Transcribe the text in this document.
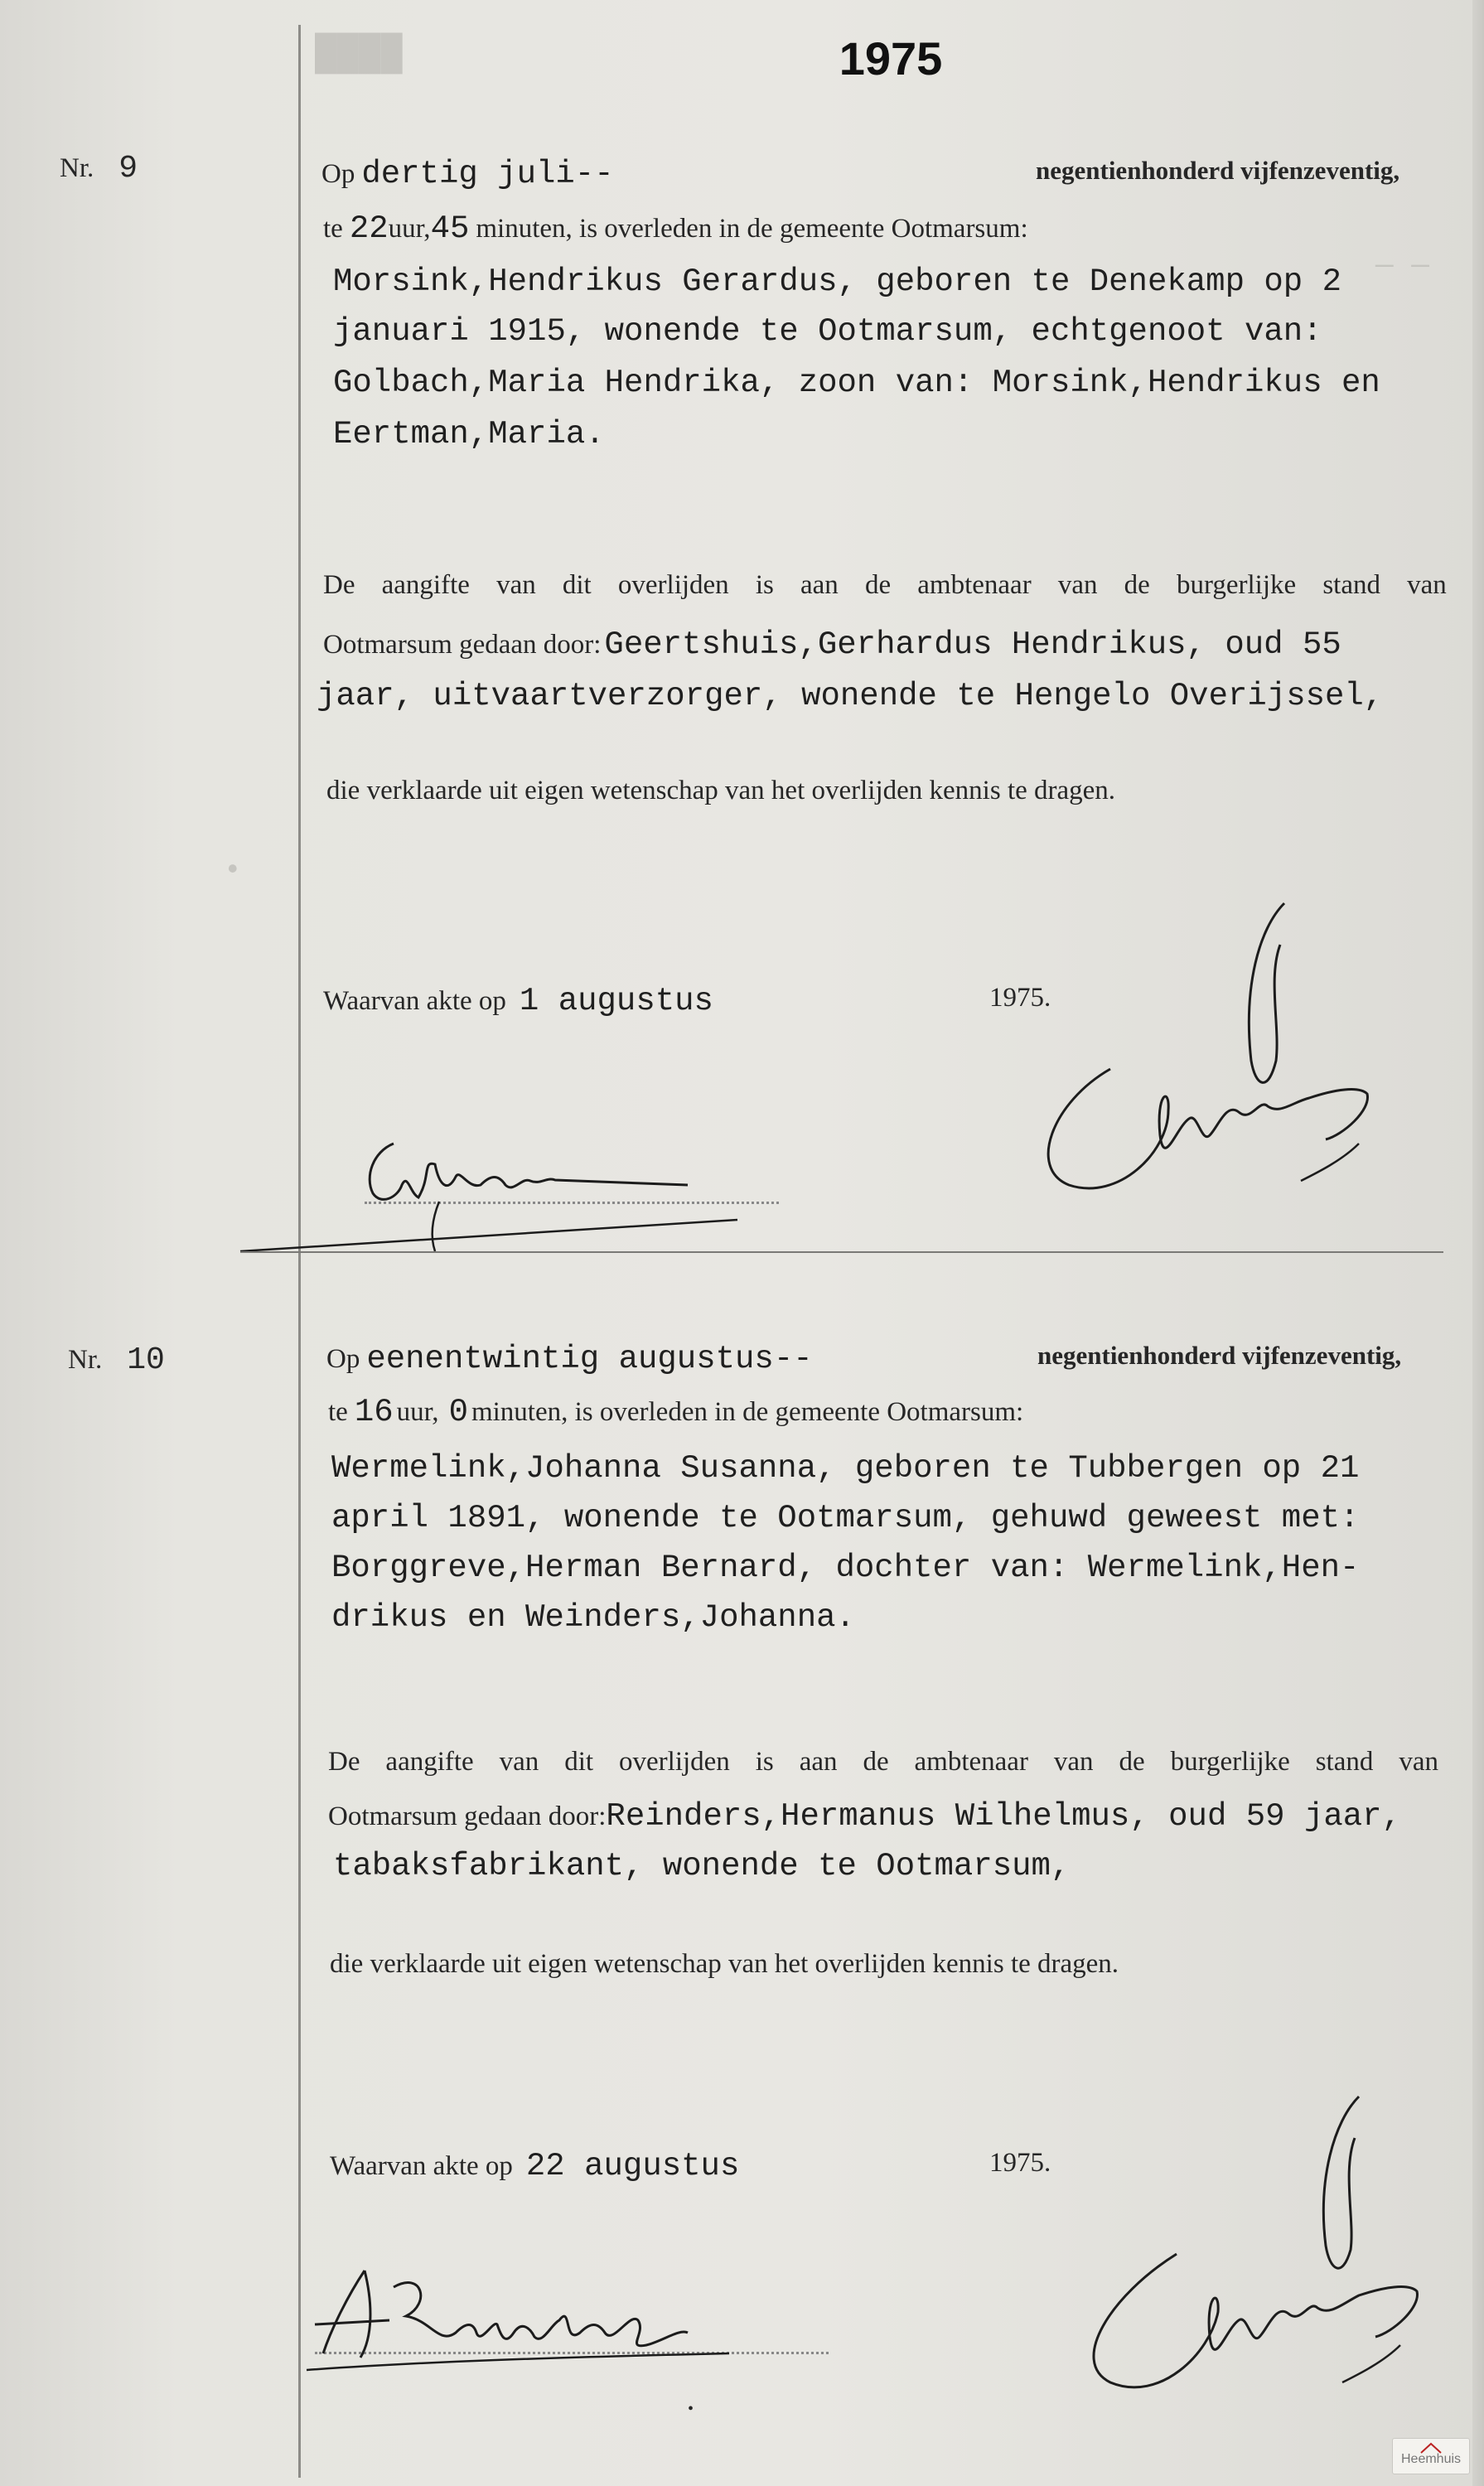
████
— —
•
1975
Nr. 9	Op dertig juli--	negentienhonderd vijfenzeventig,
te 22uur,45 minuten, is overleden in de gemeente Ootmarsum:
Morsink,Hendrikus Gerardus, geboren te Denekamp op 2
januari 1915, wonende te Ootmarsum, echtgenoot van:
Golbach,Maria Hendrika, zoon van: Morsink,Hendrikus en
Eertman,Maria.
De aangifte van dit overlijden is aan de ambtenaar van de burgerlijke stand van
Ootmarsum gedaan door: Geertshuis,Gerhardus Hendrikus, oud 55
jaar, uitvaartverzorger, wonende te Hengelo Overijssel,
die verklaarde uit eigen wetenschap van het overlijden kennis te dragen.
Waarvan akte op 1 augustus	1975.
Nr. 10	Op eenentwintig augustus--	negentienhonderd vijfenzeventig,
te 16 uur, 0 minuten, is overleden in de gemeente Ootmarsum:
Wermelink,Johanna Susanna, geboren te Tubbergen op 21
april 1891, wonende te Ootmarsum, gehuwd geweest met:
Borggreve,Herman Bernard, dochter van: Wermelink,Hen-
drikus en Weinders,Johanna.
De aangifte van dit overlijden is aan de ambtenaar van de burgerlijke stand van
Ootmarsum gedaan door:Reinders,Hermanus Wilhelmus, oud 59 jaar,
tabaksfabrikant, wonende te Ootmarsum,
die verklaarde uit eigen wetenschap van het overlijden kennis te dragen.
Waarvan akte op 22 augustus	1975.
•
Heemhuis
